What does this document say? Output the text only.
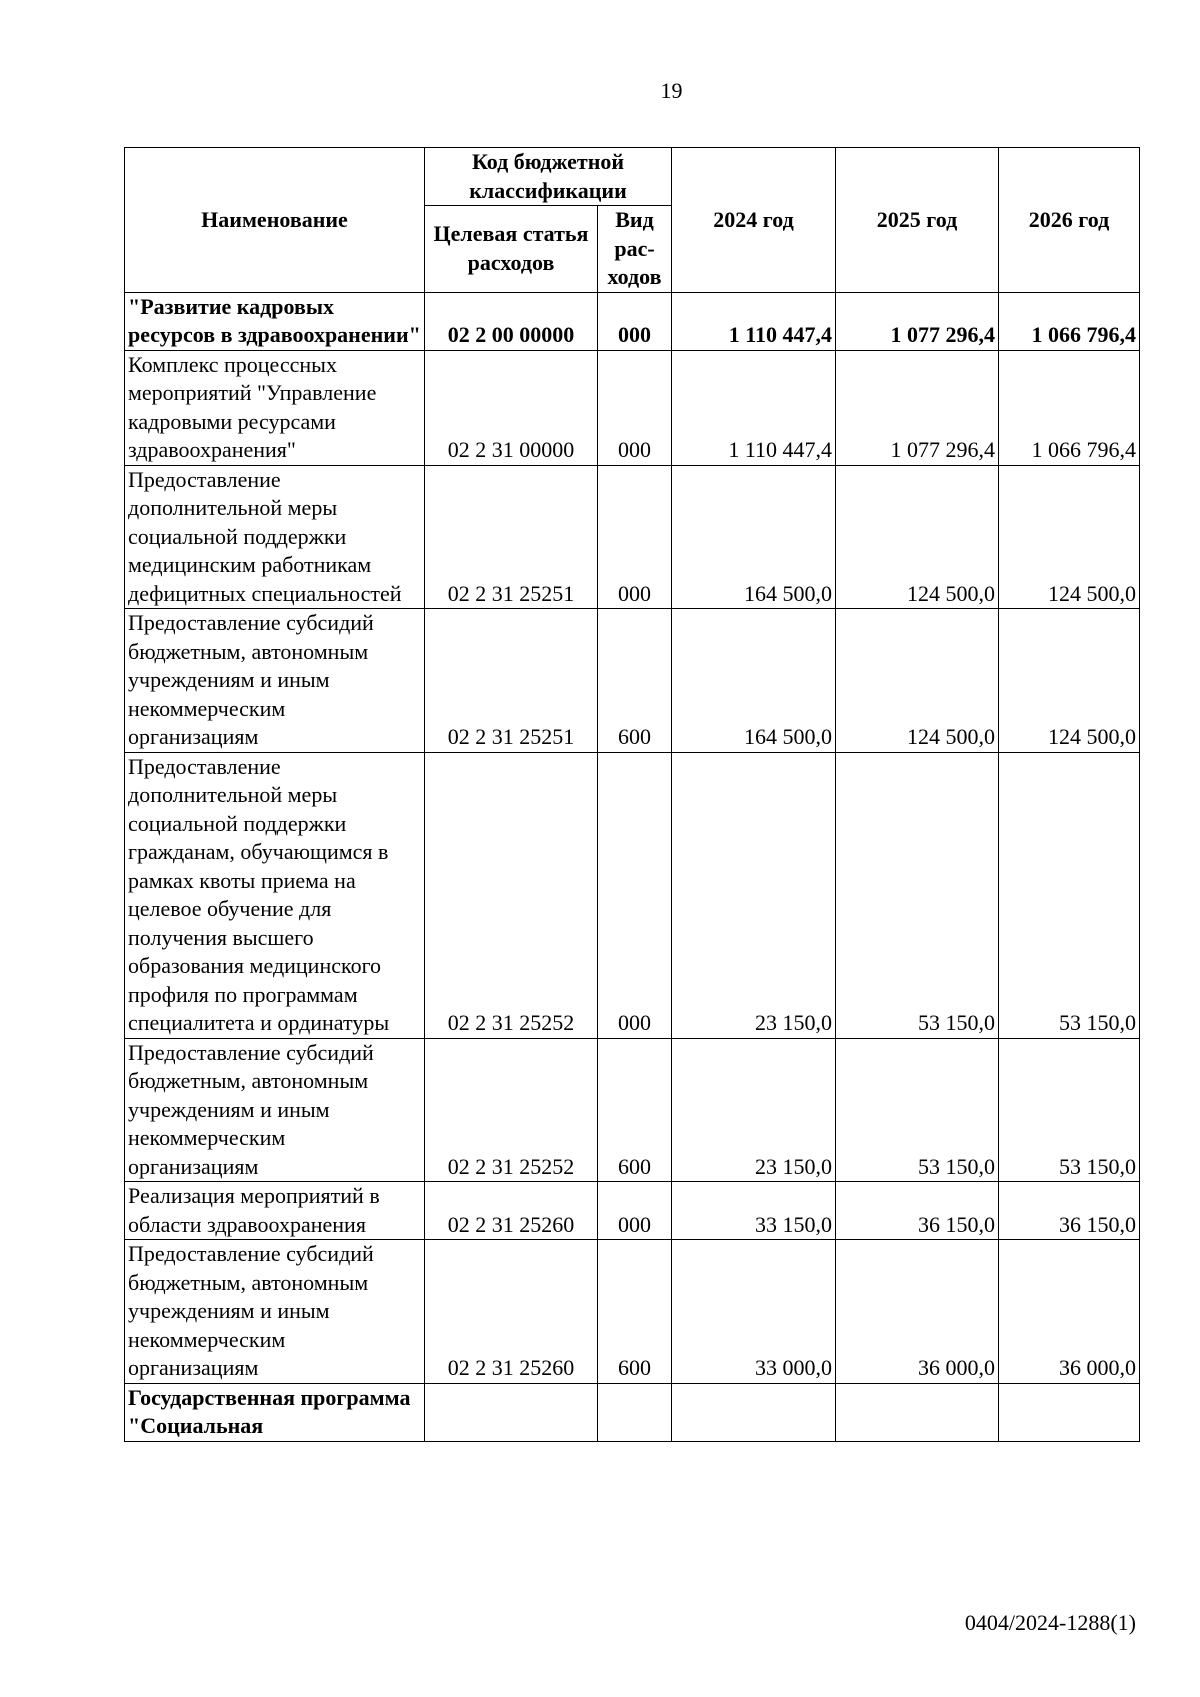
19
Наименование	Код бюджетной классификации		2024 год	2025 год	2026 год
	Целевая статья расходов	Вид рас-ходов			
"Развитие кадровых ресурсов в здравоохранении"	02 2 00 00000	000	1 110 447,4	1 077 296,4	1 066 796,4
Комплекс процессных мероприятий "Управление кадровыми ресурсами здравоохранения"	02 2 31 00000	000	1 110 447,4	1 077 296,4	1 066 796,4
Предоставление дополнительной меры социальной поддержки медицинским работникам дефицитных специальностей	02 2 31 25251	000	164 500,0	124 500,0	124 500,0
Предоставление субсидий бюджетным, автономным учреждениям и иным некоммерческим организациям	02 2 31 25251	600	164 500,0	124 500,0	124 500,0
Предоставление дополнительной меры социальной поддержки гражданам, обучающимся в рамках квоты приема на целевое обучение для получения высшего образования медицинского профиля по программам специалитета и ординатуры	02 2 31 25252	000	23 150,0	53 150,0	53 150,0
Предоставление субсидий бюджетным, автономным учреждениям и иным некоммерческим организациям	02 2 31 25252	600	23 150,0	53 150,0	53 150,0
Реализация мероприятий в области здравоохранения	02 2 31 25260	000	33 150,0	36 150,0	36 150,0
Предоставление субсидий бюджетным, автономным учреждениям и иным некоммерческим организациям	02 2 31 25260	600	33 000,0	36 000,0	36 000,0
Государственная программа "Социальная					
0404/2024-1288(1)
